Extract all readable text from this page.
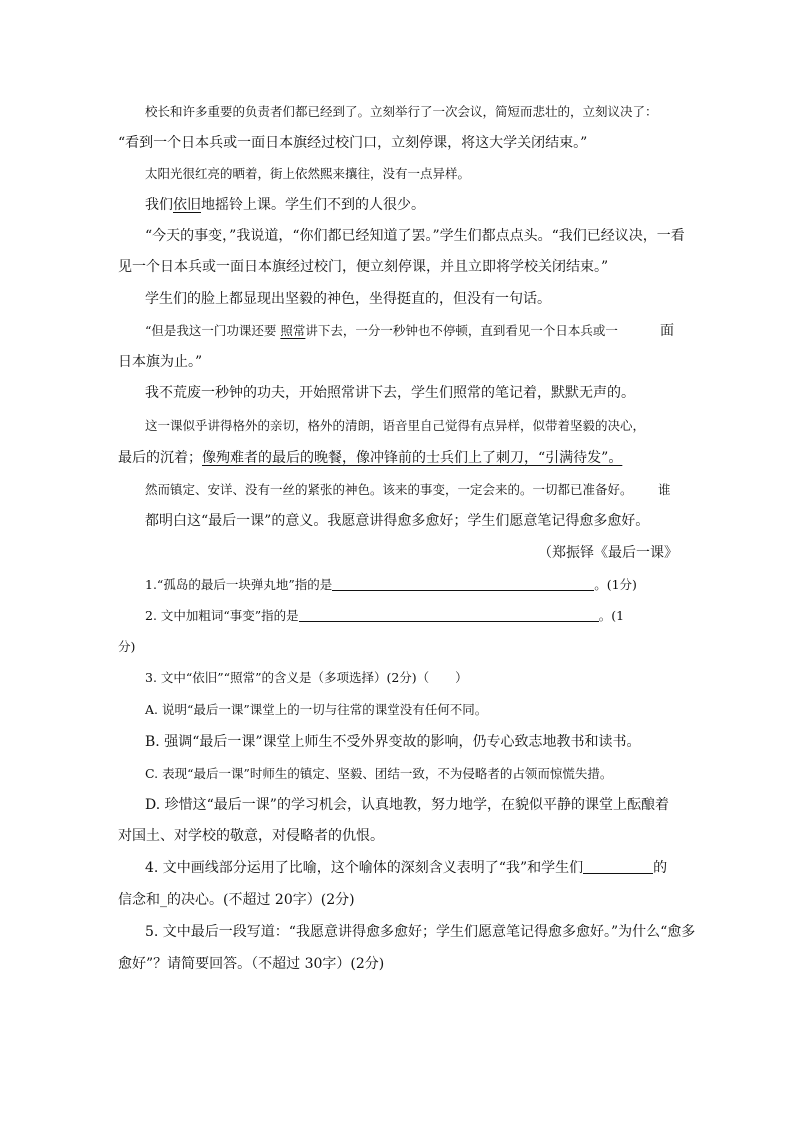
校长和许多重要的负责者们都已经到了。立刻举行了一次会议，简短而悲壮的，立刻议决了：
“看到一个日本兵或一面日本旗经过校门口，立刻停课，将这大学关闭结束。”
太阳光很红亮的晒着，街上依然熙来攘往，没有一点异样。
我们依旧地摇铃上课。学生们不到的人很少。
“今天的事变，”我说道，“你们都已经知道了罢。”学生们都点点头。“我们已经议决，一看
见一个日本兵或一面日本旗经过校门，便立刻停课，并且立即将学校关闭结束。”
学生们的脸上都显现出坚毅的神色，坐得挺直的，但没有一句话。
“但是我这一门功课还要 照常讲下去，一分一秒钟也不停顿，直到看见一个日本兵或一	面
日本旗为止。”
我不荒废一秒钟的功夫，开始照常讲下去，学生们照常的笔记着，默默无声的。
这一课似乎讲得格外的亲切，格外的清朗，语音里自己觉得有点异样，似带着坚毅的决心，
最后的沉着；像殉难者的最后的晚餐，像冲锋前的士兵们上了刺刀，“引满待发”。
然而镇定、安详、没有一丝的紧张的神色。该来的事变，一定会来的。一切都已准备好。 谁
都明白这“最后一课”的意义。我愿意讲得愈多愈好；学生们愿意笔记得愈多愈好。
（郑振铎《最后一课》
1.“孤岛的最后一块弹丸地”指的是	。(1分)
2. 文中加粗词“事变”指的是	。(1
分)
3. 文中“依旧”“照常”的含义是（多项选择）(2分)（ ）
A. 说明“最后一课”课堂上的一切与往常的课堂没有任何不同。
B. 强调“最后一课”课堂上师生不受外界变故的影响，仍专心致志地教书和读书。
C. 表现“最后一课”时师生的镇定、坚毅、团结一致，不为侵略者的占领而惊慌失措。
D. 珍惜这“最后一课”的学习机会，认真地教，努力地学，在貌似平静的课堂上酝酿着
对国土、对学校的敬意，对侵略者的仇恨。
4. 文中画线部分运用了比喻，这个喻体的深刻含义表明了“我”和学生们	的
信念和_的决心。(不超过 20字）(2分)
5. 文中最后一段写道：“我愿意讲得愈多愈好；学生们愿意笔记得愈多愈好。”为什么“愈多
愈好”？请简要回答。（不超过 30字）(2分)
